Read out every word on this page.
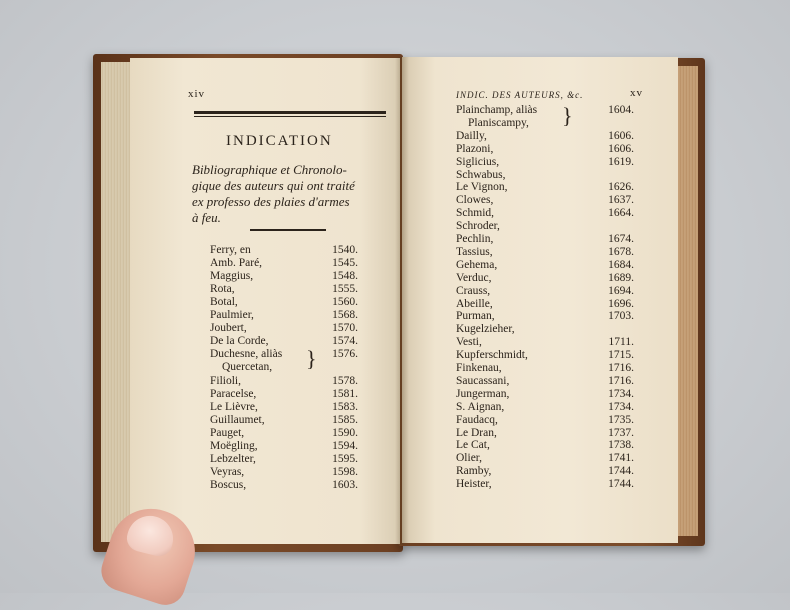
xiv
INDICATION
Bibliographique et Chronolo-
gique des auteurs qui ont traité
ex professo des plaies d'armes
à feu.
Ferry, en	1540.
Amb. Paré,	1545.
Maggius,	1548.
Rota,	1555.
Botal,	1560.
Paulmier,	1568.
Joubert,	1570.
De la Corde,	1574.
Duchesne, aliàs	1576.
Quercetan,
Filioli,	1578.
Paracelse,	1581.
Le Lièvre,	1583.
Guillaumet,	1585.
Pauget,	1590.
Moëgling,	1594.
Lebzelter,	1595.
Veyras,	1598.
Boscus,	1603.
}
INDIC. DES AUTEURS, &c.	xv
Plainchamp, aliàs	1604.
Planiscampy,
Dailly,	1606.
Plazoni,	1606.
Siglicius,	1619.
Schwabus,
Le Vignon,	1626.
Clowes,	1637.
Schmid,	1664.
Schroder,
Pechlin,	1674.
Tassius,	1678.
Gehema,	1684.
Verduc,	1689.
Crauss,	1694.
Abeille,	1696.
Purman,	1703.
Kugelzieher,
Vesti,	1711.
Kupferschmidt,	1715.
Finkenau,	1716.
Saucassani,	1716.
Jungerman,	1734.
S. Aignan,	1734.
Faudacq,	1735.
Le Dran,	1737.
Le Cat,	1738.
Olier,	1741.
Ramby,	1744.
Heister,	1744.
}
